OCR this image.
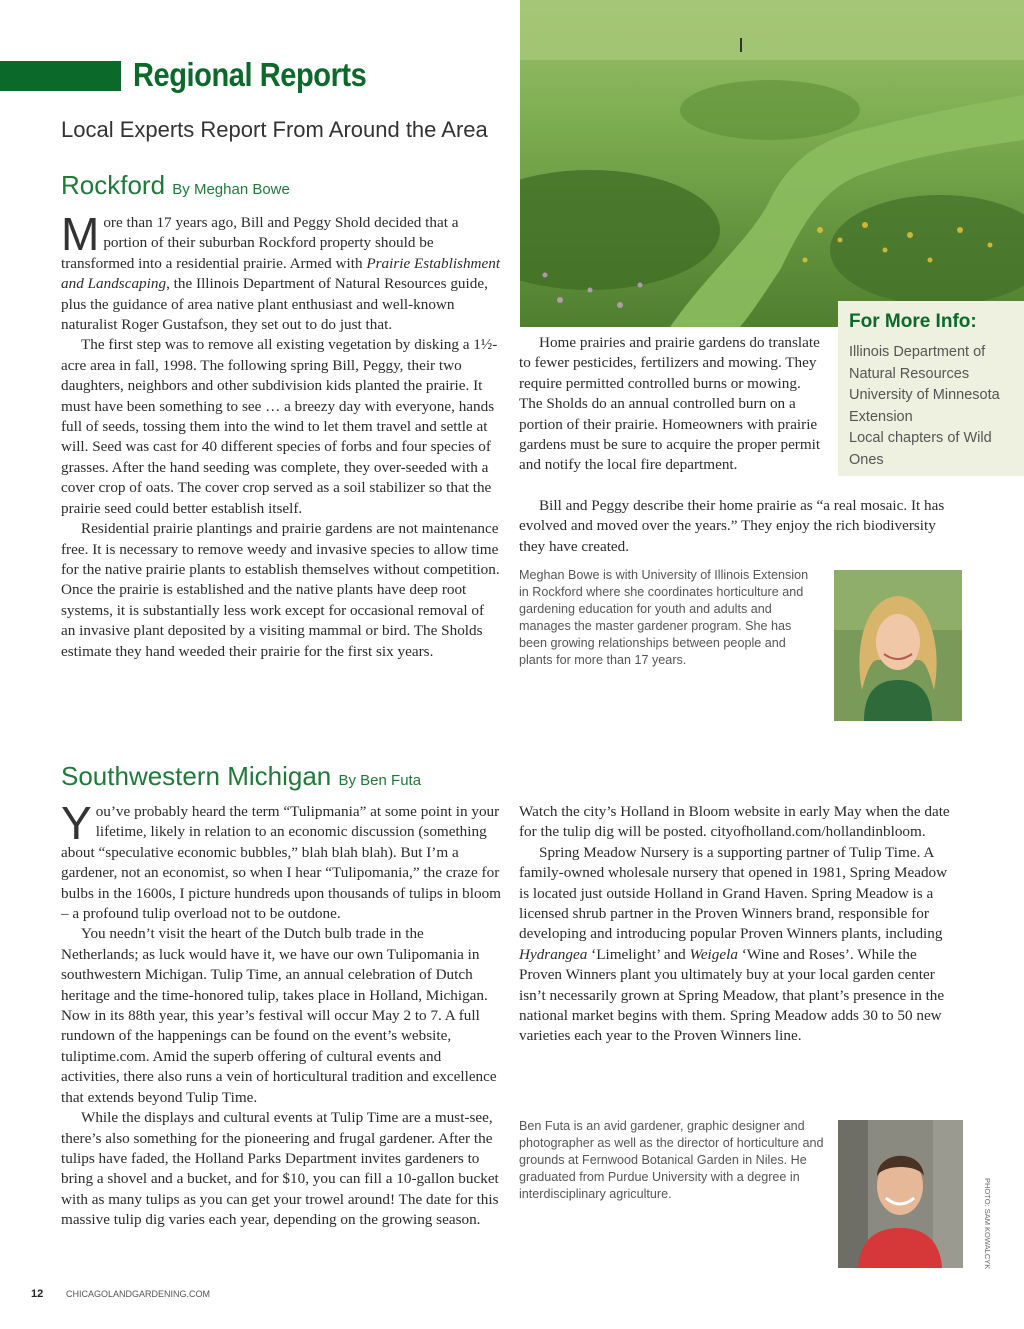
Regional Reports
Local Experts Report From Around the Area
For More Info:
Illinois Department of Natural Resources
University of Minnesota Extension
Local chapters of Wild Ones
Rockford By Meghan Bowe

More than 17 years ago, Bill and Peggy Shold decided that a portion of their suburban Rockford property should be transformed into a residential prairie. Armed with Prairie Establishment and Landscaping, the Illinois Department of Natural Resources guide, plus the guidance of area native plant enthusiast and well-known naturalist Roger Gustafson, they set out to do just that.

The first step was to remove all existing vegetation by disking a 1½-acre area in fall, 1998. The following spring Bill, Peggy, their two daughters, neighbors and other subdivision kids planted the prairie. It must have been something to see … a breezy day with everyone, hands full of seeds, tossing them into the wind to let them travel and settle at will. Seed was cast for 40 different species of forbs and four species of grasses. After the hand seeding was complete, they over-seeded with a cover crop of oats. The cover crop served as a soil stabilizer so that the prairie seed could better establish itself.

Residential prairie plantings and prairie gardens are not maintenance free. It is necessary to remove weedy and invasive species to allow time for the native prairie plants to establish themselves without competition. Once the prairie is established and the native plants have deep root systems, it is substantially less work except for occasional removal of an invasive plant deposited by a visiting mammal or bird. The Sholds estimate they hand weeded their prairie for the first six years.

Home prairies and prairie gardens do translate to fewer pesticides, fertilizers and mowing. They require permitted controlled burns or mowing. The Sholds do an annual controlled burn on a portion of their prairie. Homeowners with prairie gardens must be sure to acquire the proper permit and notify the local fire department.

Bill and Peggy describe their home prairie as “a real mosaic. It has evolved and moved over the years.” They enjoy the rich biodiversity they have created.

Meghan Bowe is with University of Illinois Extension in Rockford where she coordinates horticulture and gardening education for youth and adults and manages the master gardener program. She has been growing relationships between people and plants for more than 17 years.
Southwestern Michigan By Ben Futa

You’ve probably heard the term “Tulipmania” at some point in your lifetime, likely in relation to an economic discussion (something about “speculative economic bubbles,” blah blah blah). But I’m a gardener, not an economist, so when I hear “Tulipomania,” the craze for bulbs in the 1600s, I picture hundreds upon thousands of tulips in bloom – a profound tulip overload not to be outdone.

You needn’t visit the heart of the Dutch bulb trade in the Netherlands; as luck would have it, we have our own Tulipomania in southwestern Michigan. Tulip Time, an annual celebration of Dutch heritage and the time-honored tulip, takes place in Holland, Michigan. Now in its 88th year, this year’s festival will occur May 2 to 7. A full rundown of the happenings can be found on the event’s website, tuliptime.com. Amid the superb offering of cultural events and activities, there also runs a vein of horticultural tradition and excellence that extends beyond Tulip Time.

While the displays and cultural events at Tulip Time are a must-see, there’s also something for the pioneering and frugal gardener. After the tulips have faded, the Holland Parks Department invites gardeners to bring a shovel and a bucket, and for $10, you can fill a 10-gallon bucket with as many tulips as you can get your trowel around! The date for this massive tulip dig varies each year, depending on the growing season.

Watch the city’s Holland in Bloom website in early May when the date for the tulip dig will be posted. cityofholland.com/hollandinbloom.

Spring Meadow Nursery is a supporting partner of Tulip Time. A family-owned wholesale nursery that opened in 1981, Spring Meadow is located just outside Holland in Grand Haven. Spring Meadow is a licensed shrub partner in the Proven Winners brand, responsible for developing and introducing popular Proven Winners plants, including Hydrangea ‘Limelight’ and Weigela ‘Wine and Roses’. While the Proven Winners plant you ultimately buy at your local garden center isn’t necessarily grown at Spring Meadow, that plant’s presence in the national market begins with them. Spring Meadow adds 30 to 50 new varieties each year to the Proven Winners line.

Ben Futa is an avid gardener, graphic designer and photographer as well as the director of horticulture and grounds at Fernwood Botanical Garden in Niles. He graduated from Purdue University with a degree in interdisciplinary agriculture.	PHOTO: SAM KOWALCYK
12	CHICAGOLANDGARDENING.COM
